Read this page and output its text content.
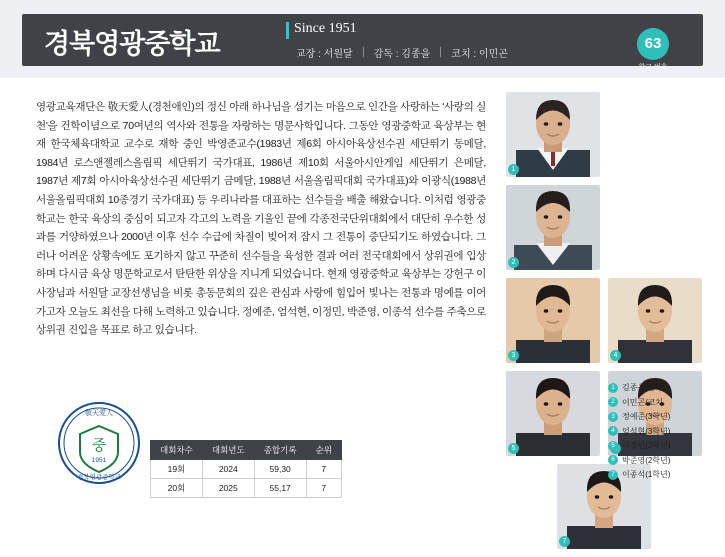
경북영광중학교
Since 1951
교장 : 서원달	감독 : 김종을	코치 : 이민곤
63
학교 번호
영광교육재단은 敬天愛人(경천애인)의 정신 아래 하나님을 섬기는 마음으로 인간을 사랑하는 '사랑의 실천'을 건학이념으로 70여년의 역사와 전통을 자랑하는 명문사학입니다. 그동안 영광중학교 육상부는 현재 한국체육대학교 교수로 재학 중인 박영준교수(1983년 제6회 아시아육상선수권 세단뛰기 동메달, 1984년 로스앤젤레스올림픽 세단뛰기 국가대표, 1986년 제10회 서울아시안게임 세단뛰기 은메달, 1987년 제7회 아시아육상선수권 세단뛰기 금메달, 1988년 서울올림픽대회 국가대표)와 이광식(1988년 서울올림픽대회 10종경기 국가대표) 등 우리나라를 대표하는 선수들을 배출 해왔습니다. 이처럼 영광중학교는 한국 육상의 중심이 되고자 각고의 노력을 기울인 끝에 각종전국단위대회에서 대단히 우수한 성과를 거양하였으나 2000년 이후 선수 수급에 차질이 빚어져 잠시 그 전통이 중단되기도 하였습니다. 그러나 어려운 상황속에도 포기하지 않고 꾸준히 선수들을 육성한 결과 여러 전국대회에서 상위권에 입상하며 다시금 육상 명문학교로서 탄탄한 위상을 지니게 되었습니다. 현재 영광중학교 육상부는 강헌구 이사장님과 서원달 교장선생님을 비롯 총동문회의 깊은 관심과 사랑에 힘입어 빛나는 전통과 명예를 이어가고자 오늘도 최선을 다해 노력하고 있습니다. 정예준, 엄석현, 이정민, 박준영, 이종석 선수를 주축으로 상위권 진입을 목표로 하고 있습니다.
1
2
3	4
5
7
1 김종을 / 감독
2 이민곤 / 코치
3 정예준 (3학년)
4 엄석현 (3학년)
5 이정민 (3학년)
6 박준영 (2학년)
7 이종석 (1학년)
敬天愛人
중
1951
경북영광중학교
대회차수	대회년도	종합기록	순위
19회	2024	59,30	7
20회	2025	55,17	7
